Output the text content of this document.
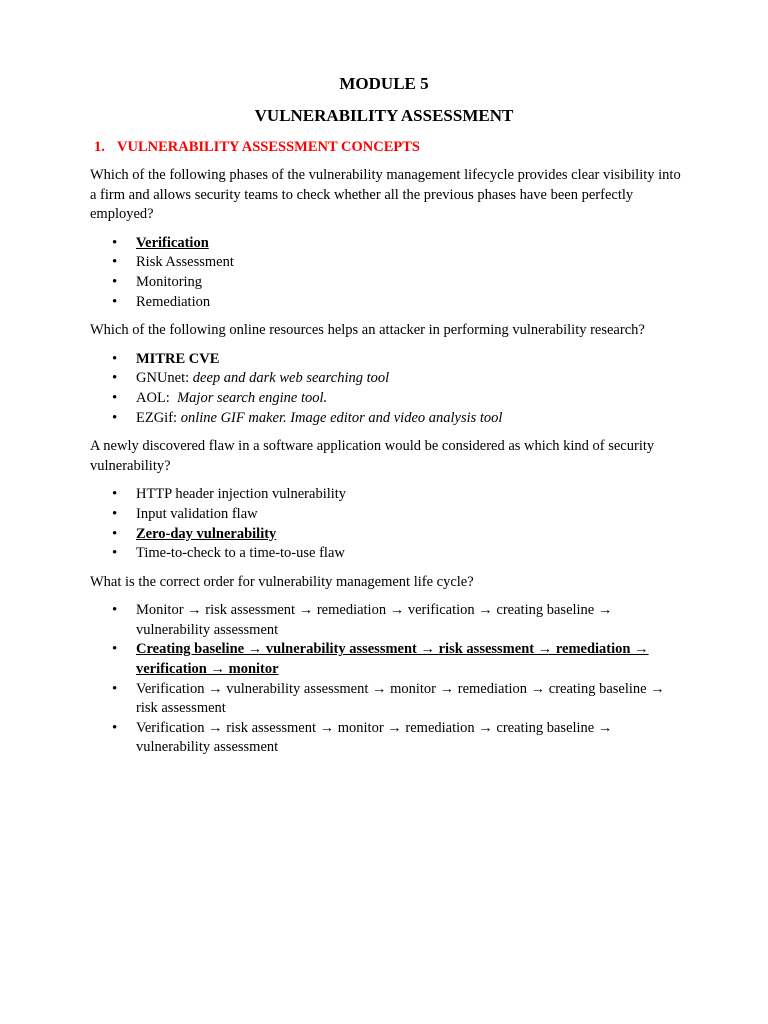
MODULE 5
VULNERABILITY ASSESSMENT
1. VULNERABILITY ASSESSMENT CONCEPTS
Which of the following phases of the vulnerability management lifecycle provides clear visibility into a firm and allows security teams to check whether all the previous phases have been perfectly employed?
• Verification
• Risk Assessment
• Monitoring
• Remediation
Which of the following online resources helps an attacker in performing vulnerability research?
• MITRE CVE
• GNUnet: deep and dark web searching tool
• AOL:  Major search engine tool.
• EZGif: online GIF maker. Image editor and video analysis tool
A newly discovered flaw in a software application would be considered as which kind of security vulnerability?
• HTTP header injection vulnerability
• Input validation flaw
• Zero-day vulnerability
• Time-to-check to a time-to-use flaw
What is the correct order for vulnerability management life cycle?
• Monitor → risk assessment → remediation → verification → creating baseline → vulnerability assessment
• Creating baseline → vulnerability assessment → risk assessment → remediation → verification → monitor
• Verification → vulnerability assessment → monitor → remediation → creating baseline → risk assessment
• Verification → risk assessment → monitor → remediation → creating baseline → vulnerability assessment
